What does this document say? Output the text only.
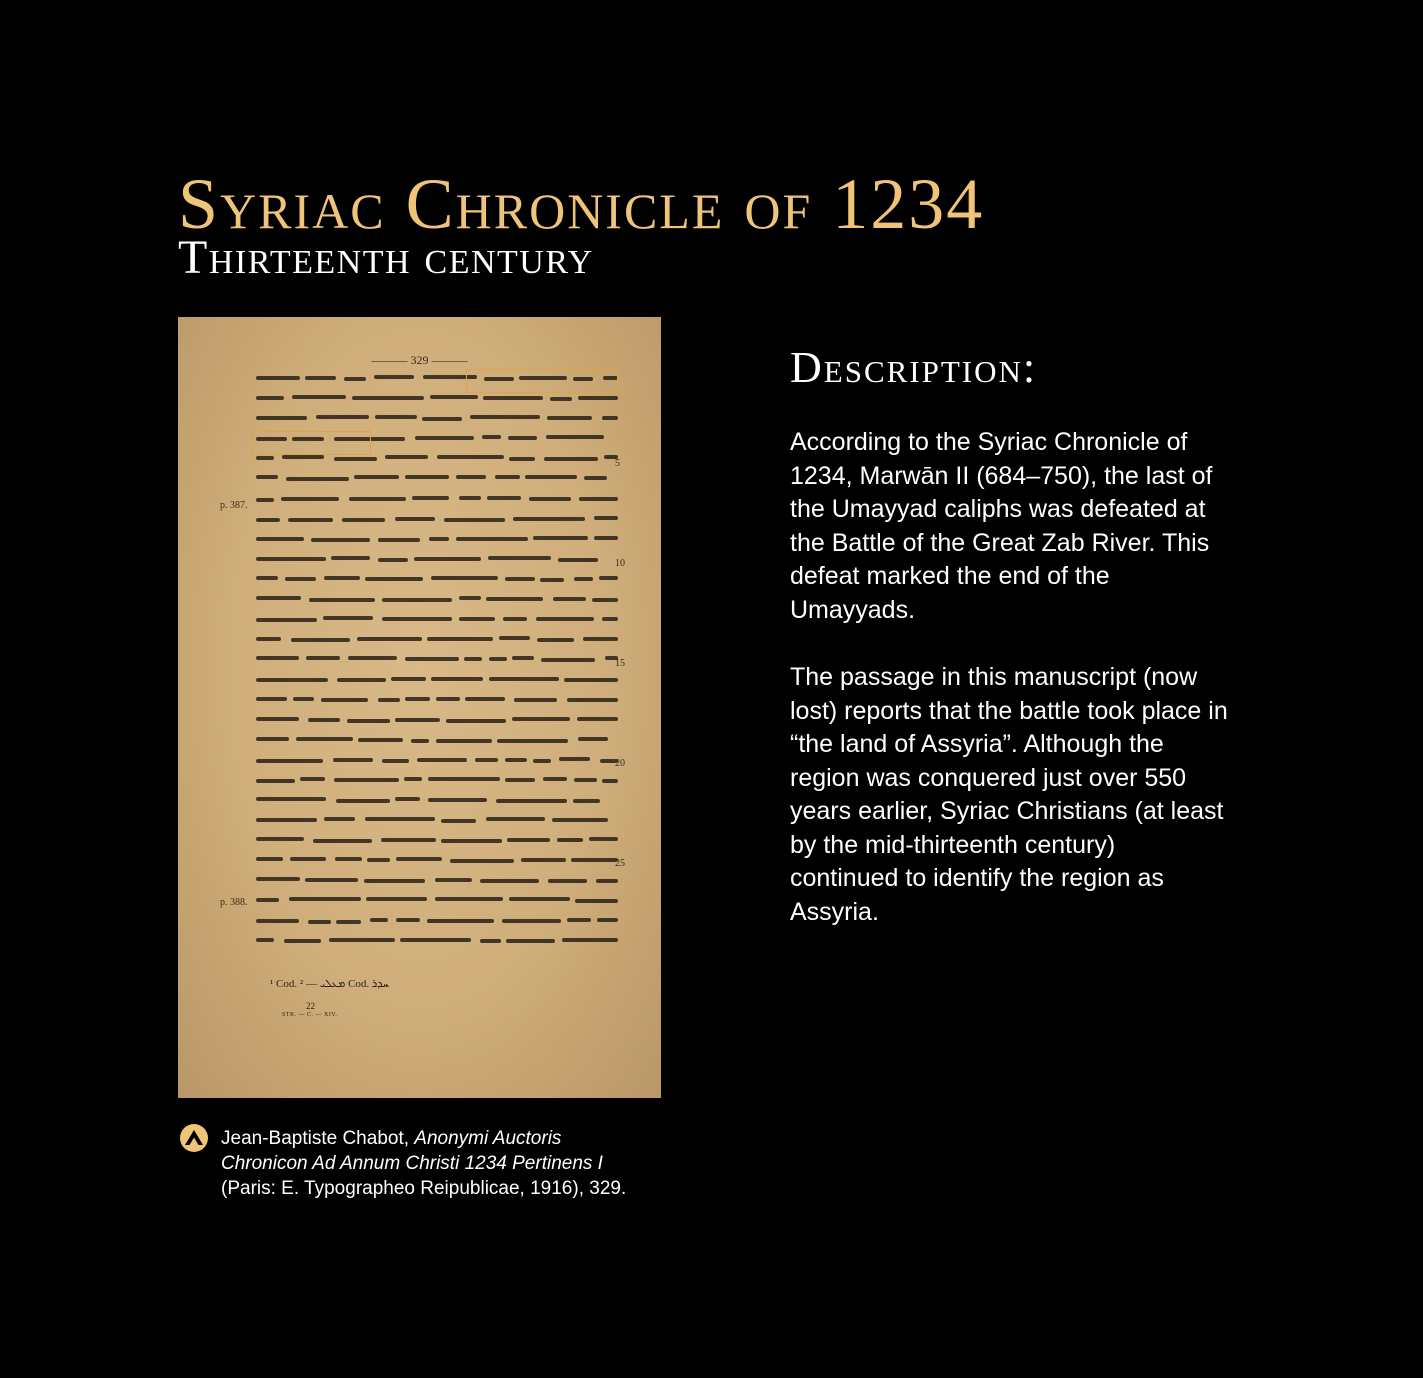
Syriac Chronicle of 1234
Thirteenth century
——— 329 ———
5
p. 387.
10
15
20
25
p. 388.
¹ Cod. ܡܥܠܝ — ² Cod. ܚܕܪ
22
STR. — C. — XIV.

Jean-Baptiste Chabot, Anonymi Auctoris
Chronicon Ad Annum Christi 1234 Pertinens I
(Paris: E. Typographeo Reipublicae, 1916), 329.

Description:

According to the Syriac Chronicle of 1234, Marwān II (684–750), the last of the Umayyad caliphs was defeated at the Battle of the Great Zab River. This defeat marked the end of the Umayyads.

The passage in this manuscript (now lost) reports that the battle took place in “the land of Assyria”. Although the region was conquered just over 550 years earlier, Syriac Christians (at least by the mid-thirteenth century) continued to identify the region as Assyria.
